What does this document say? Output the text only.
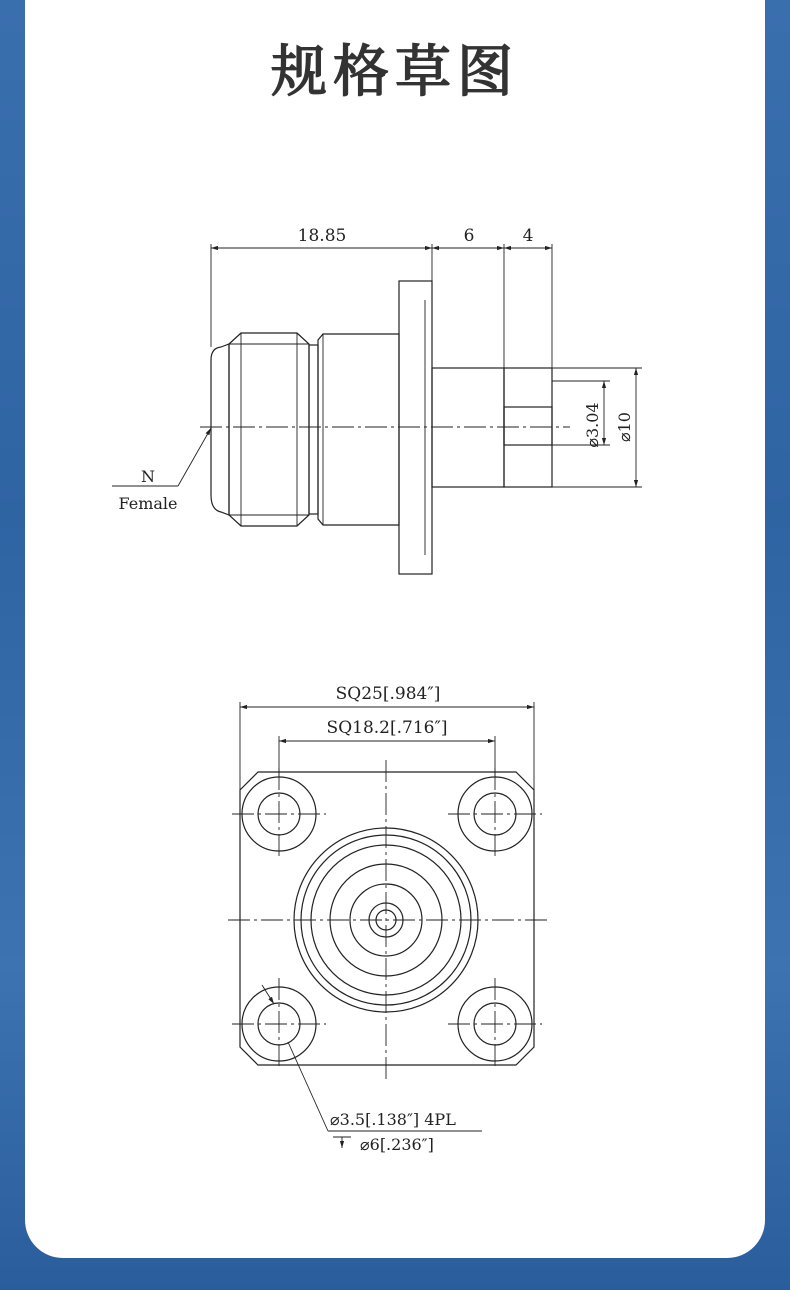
规格草图
18.85	6	4
⌀3.04 ⌀10
N
Female
SQ25[.984″]
SQ18.2[.716″]
⌀3.5[.138″] 4PL
⌀6[.236″]
